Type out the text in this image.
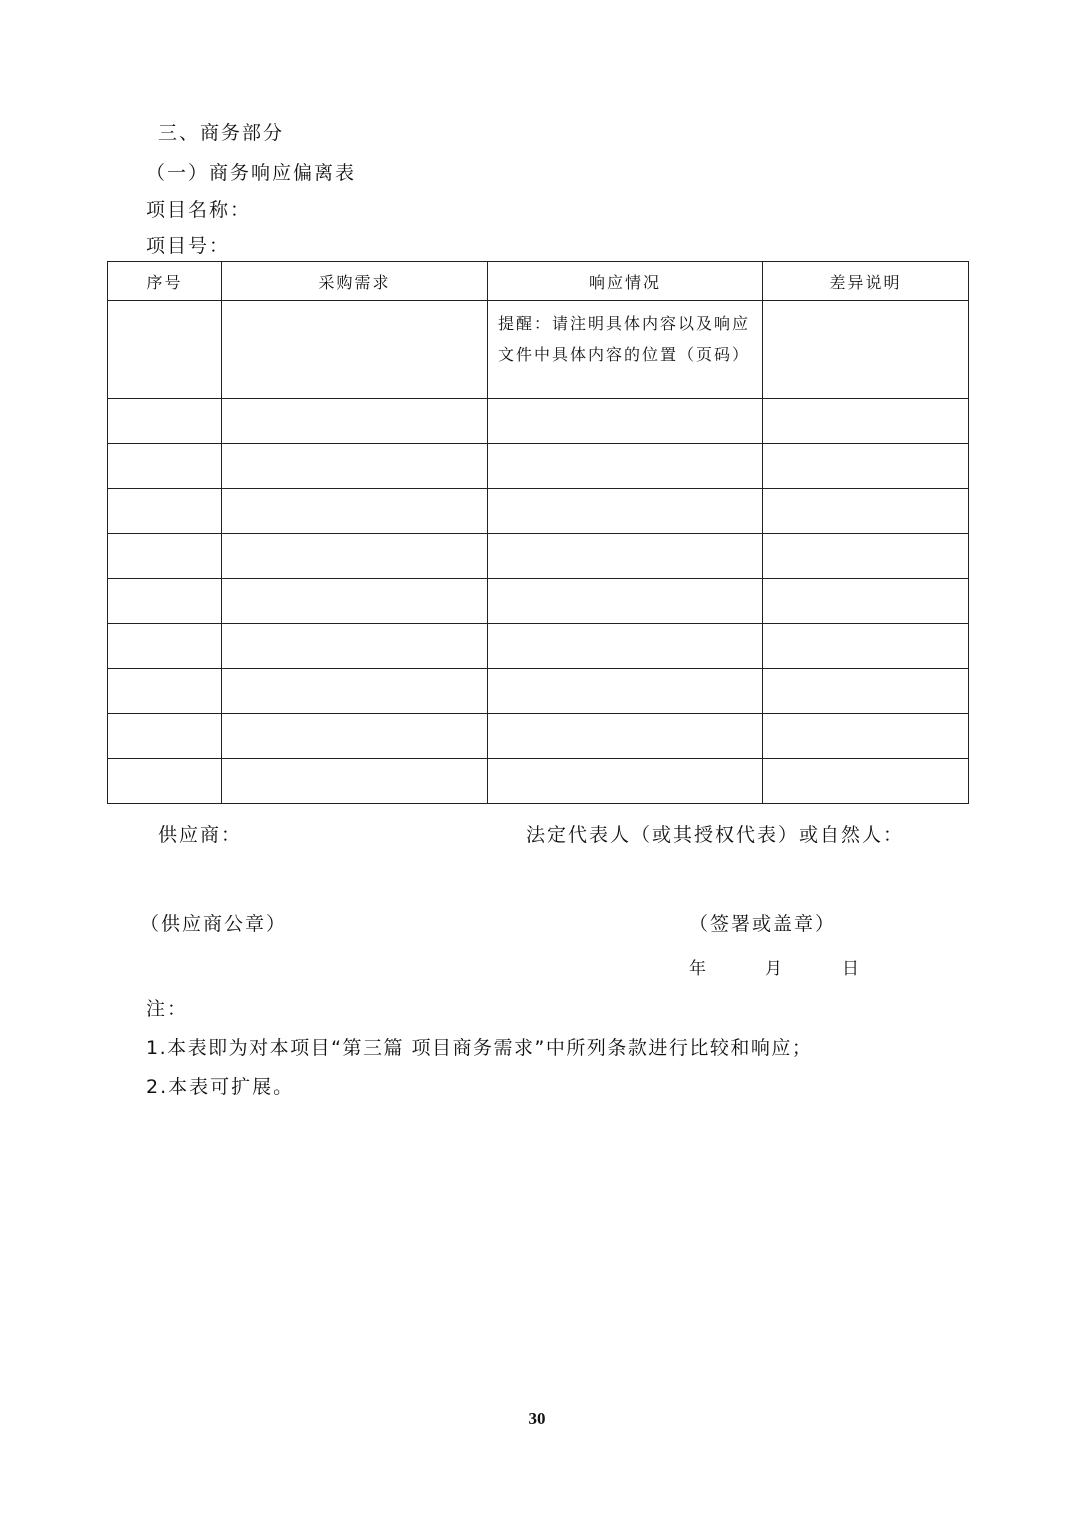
三、商务部分
（一）商务响应偏离表
项目名称：
项目号：
序号	采购需求	响应情况	差异说明

		提醒：请注明具体内容以及响应文件中具体内容的位置（页码）	

供应商：	法定代表人（或其授权代表）或自然人：
（供应商公章）	（签署或盖章）
年	月	日
注：
1.本表即为对本项目“第三篇 项目商务需求”中所列条款进行比较和响应；
2.本表可扩展。
30
